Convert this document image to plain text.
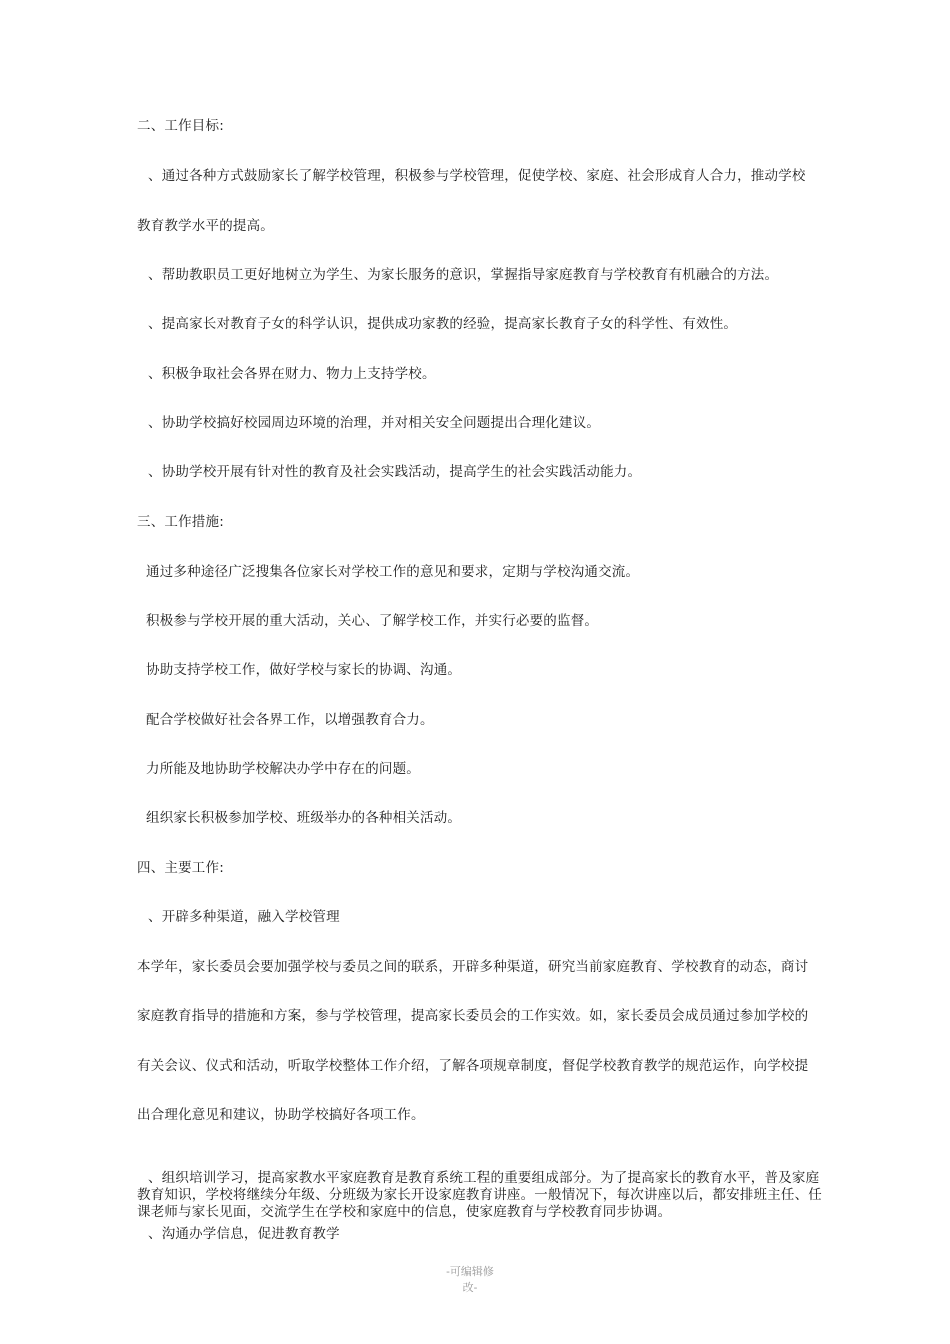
二、工作目标:
、通过各种方式鼓励家长了解学校管理，积极参与学校管理，促使学校、家庭、社会形成育人合力，推动学校
教育教学水平的提高。
、帮助教职员工更好地树立为学生、为家长服务的意识，掌握指导家庭教育与学校教育有机融合的方法。
、提高家长对教育子女的科学认识，提供成功家教的经验，提高家长教育子女的科学性、有效性。
、积极争取社会各界在财力、物力上支持学校。
、协助学校搞好校园周边环境的治理，并对相关安全问题提出合理化建议。
、协助学校开展有针对性的教育及社会实践活动，提高学生的社会实践活动能力。
三、工作措施:
通过多种途径广泛搜集各位家长对学校工作的意见和要求，定期与学校沟通交流。
积极参与学校开展的重大活动，关心、了解学校工作，并实行必要的监督。
协助支持学校工作，做好学校与家长的协调、沟通。
配合学校做好社会各界工作，以增强教育合力。
力所能及地协助学校解决办学中存在的问题。
组织家长积极参加学校、班级举办的各种相关活动。
四、主要工作:
、开辟多种渠道，融入学校管理
本学年，家长委员会要加强学校与委员之间的联系，开辟多种渠道，研究当前家庭教育、学校教育的动态，商讨
家庭教育指导的措施和方案，参与学校管理，提高家长委员会的工作实效。如，家长委员会成员通过参加学校的
有关会议、仪式和活动，听取学校整体工作介绍，了解各项规章制度，督促学校教育教学的规范运作，向学校提
出合理化意见和建议，协助学校搞好各项工作。
、组织培训学习，提高家教水平家庭教育是教育系统工程的重要组成部分。为了提高家长的教育水平，普及家庭教育知识，学校将继续分年级、分班级为家长开设家庭教育讲座。一般情况下，每次讲座以后，都安排班主任、任课老师与家长见面，交流学生在学校和家庭中的信息，使家庭教育与学校教育同步协调。
、沟通办学信息，促进教育教学
-可编辑修
改-
